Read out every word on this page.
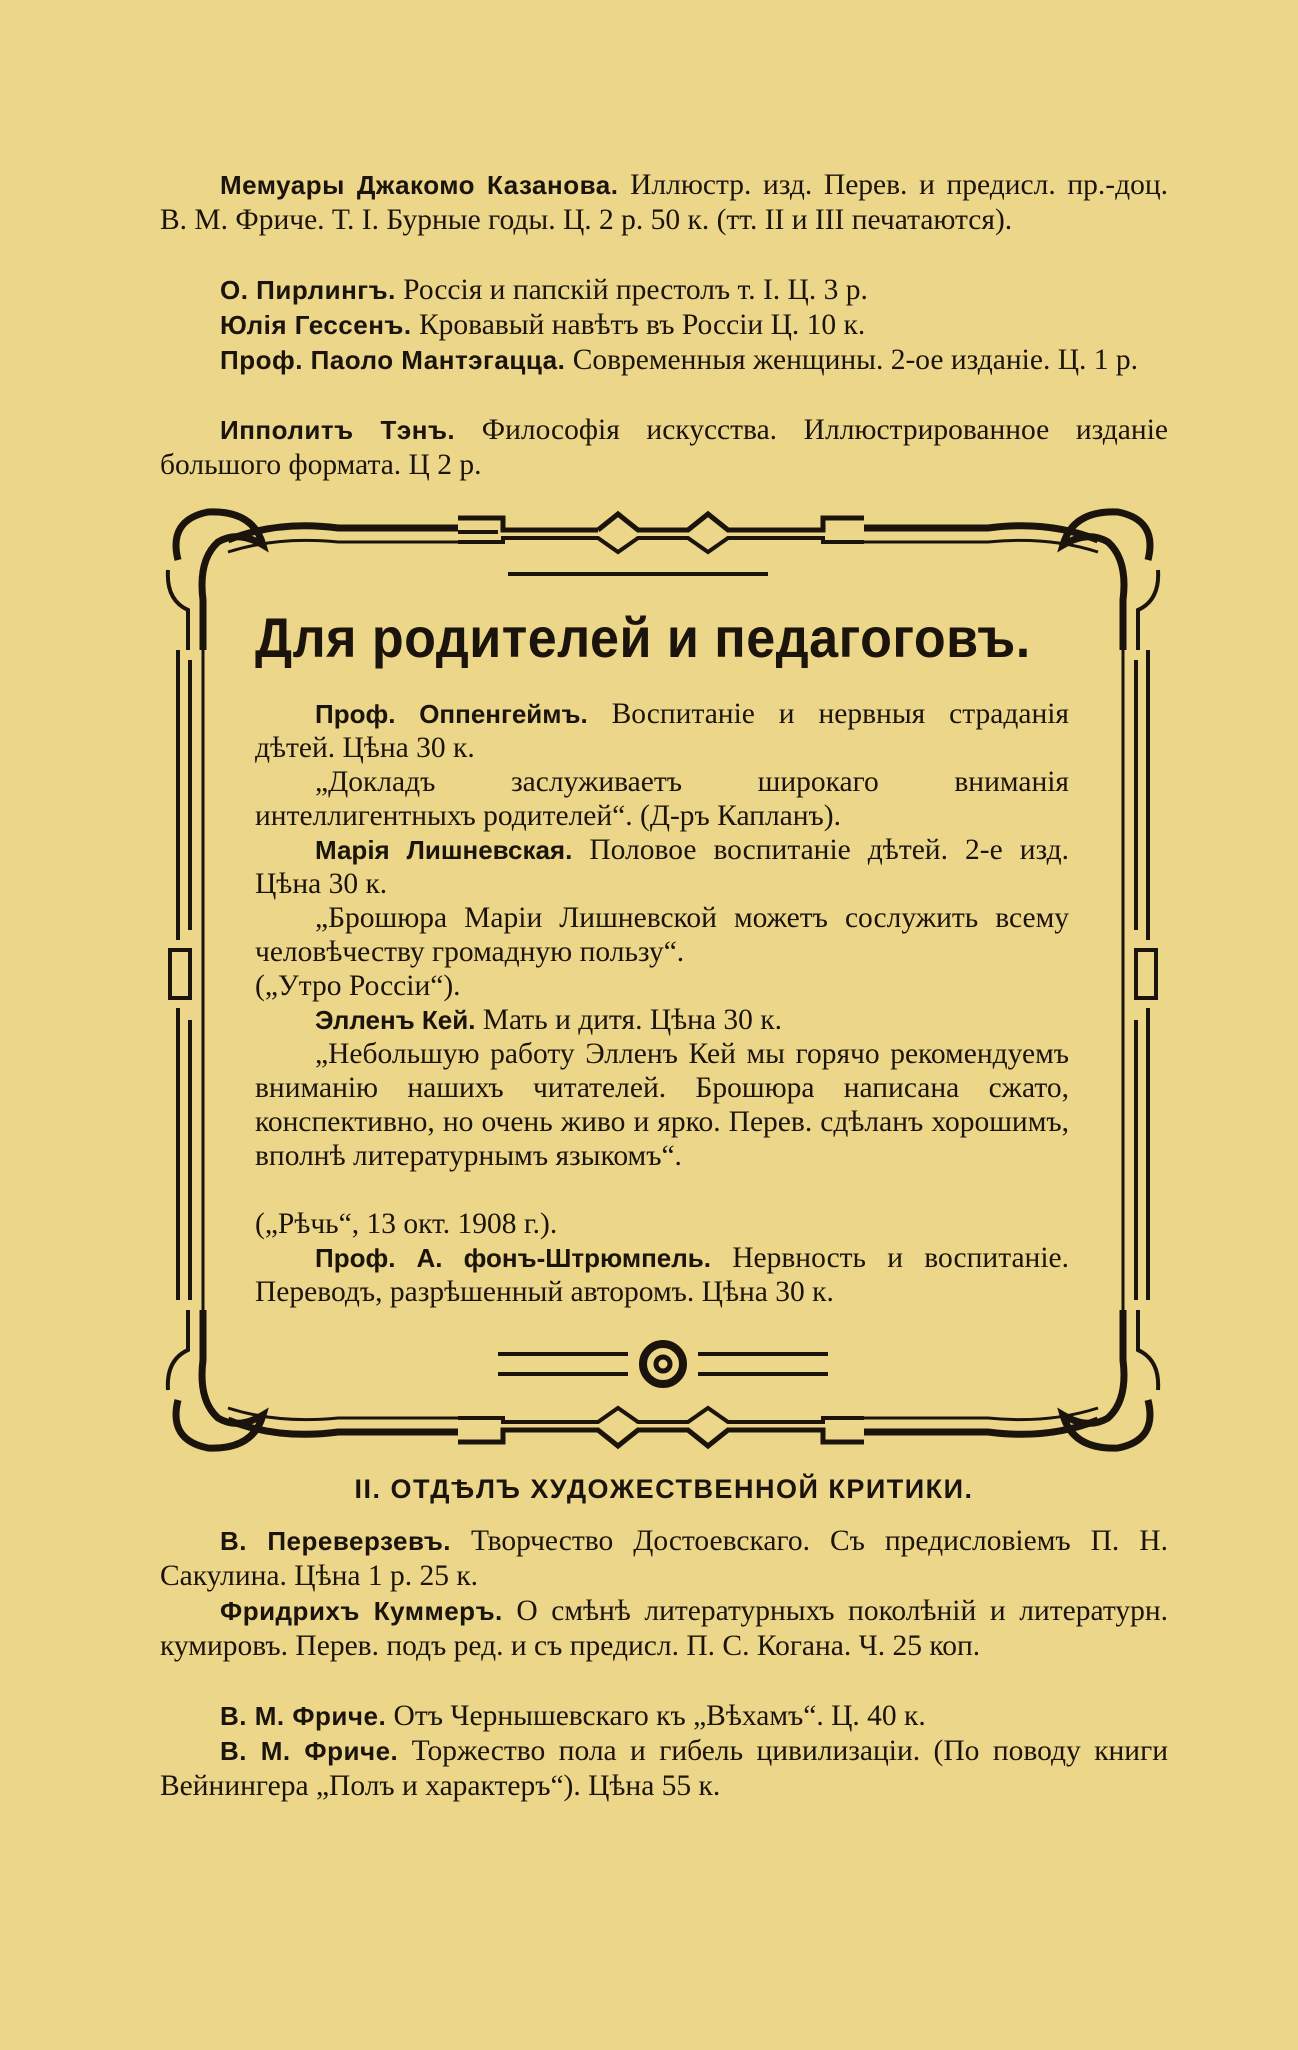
Мемуары Джакомо Казанова. Иллюстр. изд. Перев. и предисл. пр.-доц. В. М. Фриче. Т. I. Бурные годы. Ц. 2 р. 50 к. (тт. II и III печатаются).
О. Пирлингъ. Россія и папскій престолъ т. I. Ц. 3 р.
Юлія Гессенъ. Кровавый навѣтъ въ Россіи Ц. 10 к.
Проф. Паоло Мантэгацца. Современныя женщины. 2-ое изданіе. Ц. 1 р.
Ипполитъ Тэнъ. Философія искусства. Иллюстрированное изданіе большого формата. Ц 2 р.
Для родителей и педагоговъ.
Проф. Оппенгеймъ. Воспитаніе и нервныя страданія дѣтей. Цѣна 30 к.
„Докладъ заслуживаетъ широкаго вниманія интеллигентныхъ родителей“. (Д-ръ Капланъ).
Марія Лишневская. Половое воспитаніе дѣтей. 2-е изд. Цѣна 30 к.
„Брошюра Маріи Лишневской можетъ сослужить всему человѣчеству громадную пользу“.
(„Утро Россіи“).
Элленъ Кей. Мать и дитя. Цѣна 30 к.
„Небольшую работу Элленъ Кей мы горячо рекомендуемъ вниманію нашихъ читателей. Брошюра написана сжато, конспективно, но очень живо и ярко. Перев. сдѣланъ хорошимъ, вполнѣ литературнымъ языкомъ“.
(„Рѣчь“, 13 окт. 1908 г.).
Проф. А. фонъ-Штрюмпель. Нервность и воспитаніе. Переводъ, разрѣшенный авторомъ. Цѣна 30 к.
II. ОТДѢЛЪ ХУДОЖЕСТВЕННОЙ КРИТИКИ.
В. Переверзевъ. Творчество Достоевскаго. Съ предисловіемъ П. Н. Сакулина. Цѣна 1 р. 25 к.
Фридрихъ Куммеръ. О смѣнѣ литературныхъ поколѣній и литературн. кумировъ. Перев. подъ ред. и съ предисл. П. С. Когана. Ч. 25 коп.
В. М. Фриче. Отъ Чернышевскаго къ „Вѣхамъ“. Ц. 40 к.
В. М. Фриче. Торжество пола и гибель цивилизаціи. (По поводу книги Вейнингера „Полъ и характеръ“). Цѣна 55 к.
